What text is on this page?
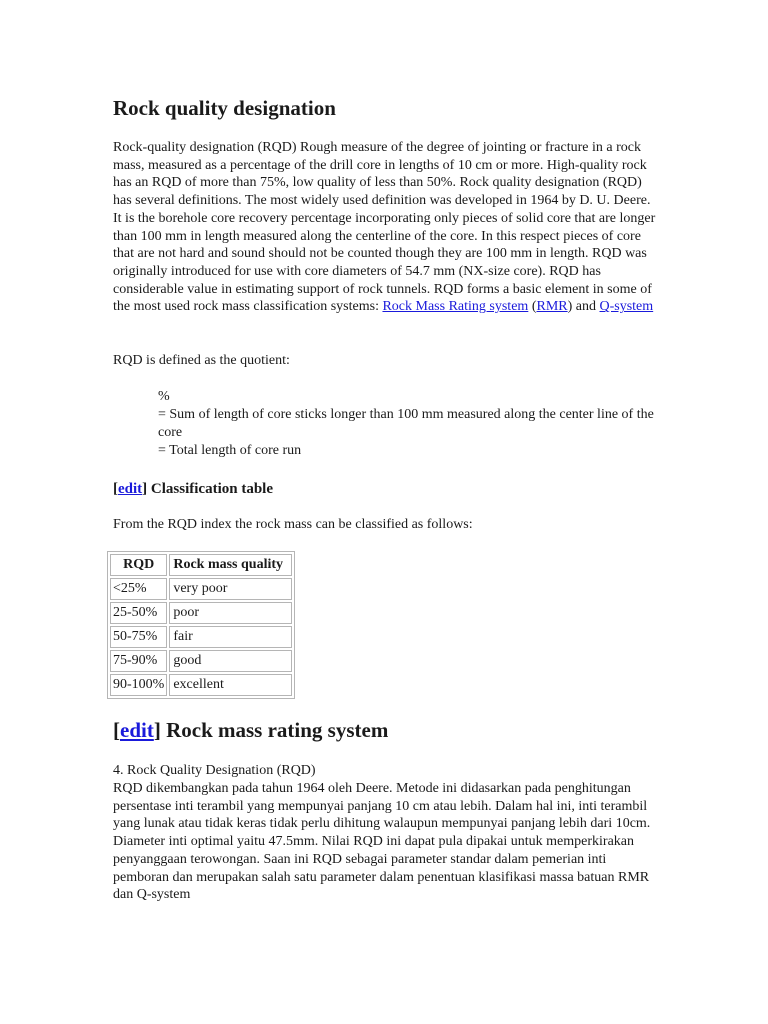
Rock quality designation

Rock-quality designation (RQD) Rough measure of the degree of jointing or fracture in a rock mass, measured as a percentage of the drill core in lengths of 10 cm or more. High-quality rock has an RQD of more than 75%, low quality of less than 50%. Rock quality designation (RQD) has several definitions. The most widely used definition was developed in 1964 by D. U. Deere. It is the borehole core recovery percentage incorporating only pieces of solid core that are longer than 100 mm in length measured along the centerline of the core. In this respect pieces of core that are not hard and sound should not be counted though they are 100 mm in length. RQD was originally introduced for use with core diameters of 54.7 mm (NX-size core). RQD has considerable value in estimating support of rock tunnels. RQD forms a basic element in some of the most used rock mass classification systems: Rock Mass Rating system (RMR) and Q-system

RQD is defined as the quotient:

%
= Sum of length of core sticks longer than 100 mm measured along the center line of the core
= Total length of core run
[edit] Classification table

From the RQD index the rock mass can be classified as follows:

RQD	Rock mass quality
<25%	very poor
25-50%	poor
50-75%	fair
75-90%	good
90-100%	excellent
[edit] Rock mass rating system

4. Rock Quality Designation (RQD)

RQD dikembangkan pada tahun 1964 oleh Deere. Metode ini didasarkan pada penghitungan persentase inti terambil yang mempunyai panjang 10 cm atau lebih. Dalam hal ini, inti terambil yang lunak atau tidak keras tidak perlu dihitung walaupun mempunyai panjang lebih dari 10cm. Diameter inti optimal yaitu 47.5mm. Nilai RQD ini dapat pula dipakai untuk memperkirakan penyanggaan terowongan. Saan ini RQD sebagai parameter standar dalam pemerian inti pemboran dan merupakan salah satu parameter dalam penentuan klasifikasi massa batuan RMR dan Q-system
